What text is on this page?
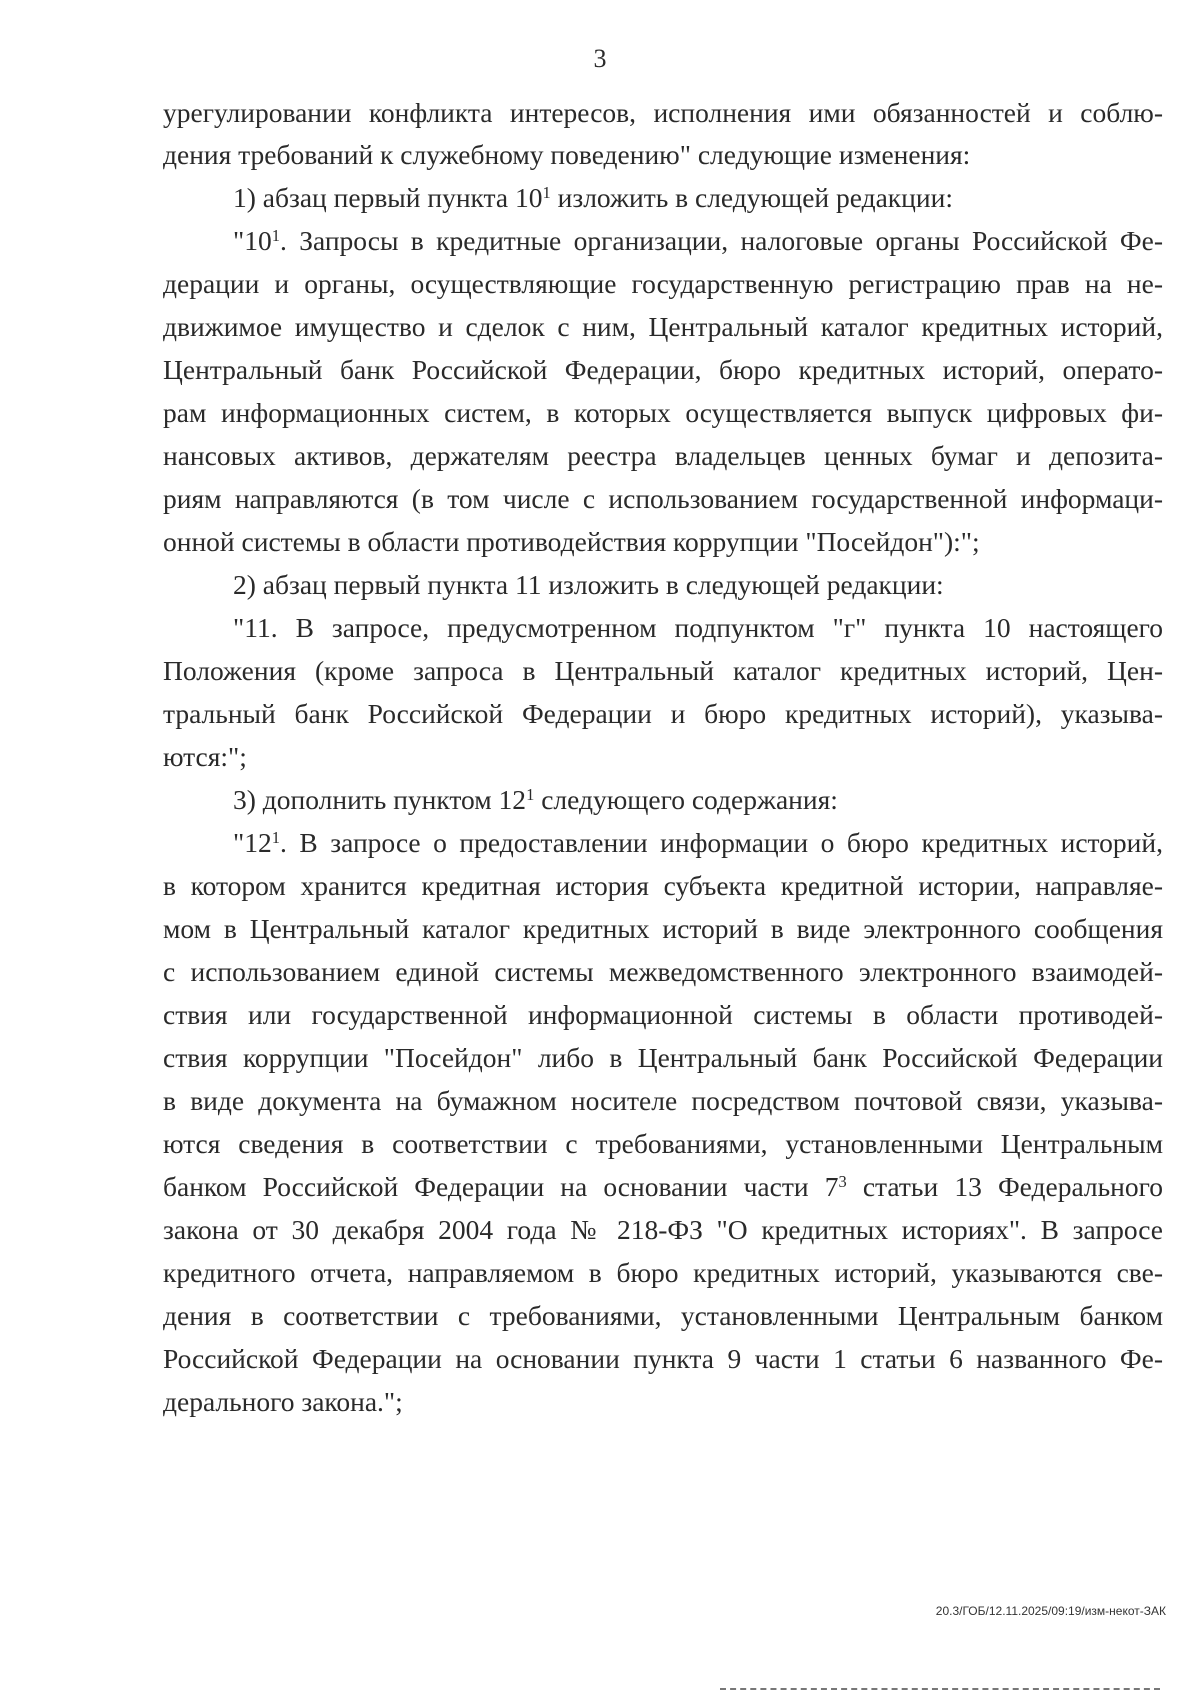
3
урегулировании конфликта интересов, исполнения ими обязанностей и соблю-
дения требований к служебному поведению" следующие изменения:
1) абзац первый пункта $10^1$ изложить в следующей редакции:
"$10^1$. Запросы в кредитные организации, налоговые органы Российской Фе-
дерации и органы, осуществляющие государственную регистрацию прав на не-
движимое имущество и сделок с ним, Центральный каталог кредитных историй,
Центральный банк Российской Федерации, бюро кредитных историй, операто-
рам информационных систем, в которых осуществляется выпуск цифровых фи-
нансовых активов, держателям реестра владельцев ценных бумаг и депозита-
риям направляются (в том числе с использованием государственной информаци-
онной системы в области противодействия коррупции "Посейдон"):";
2) абзац первый пункта 11 изложить в следующей редакции:
"11. В запросе, предусмотренном подпунктом "г" пункта 10 настоящего
Положения (кроме запроса в Центральный каталог кредитных историй, Цен-
тральный банк Российской Федерации и бюро кредитных историй), указыва-
ются:";
3) дополнить пунктом $12^1$ следующего содержания:
"$12^1$. В запросе о предоставлении информации о бюро кредитных историй,
в котором хранится кредитная история субъекта кредитной истории, направляе-
мом в Центральный каталог кредитных историй в виде электронного сообщения
с использованием единой системы межведомственного электронного взаимодей-
ствия или государственной информационной системы в области противодей-
ствия коррупции "Посейдон" либо в Центральный банк Российской Федерации
в виде документа на бумажном носителе посредством почтовой связи, указыва-
ются сведения в соответствии с требованиями, установленными Центральным
банком Российской Федерации на основании части $7^3$ статьи 13 Федерального
закона от 30 декабря 2004 года № 218-ФЗ "О кредитных историях". В запросе
кредитного отчета, направляемом в бюро кредитных историй, указываются све-
дения в соответствии с требованиями, установленными Центральным банком
Российской Федерации на основании пункта 9 части 1 статьи 6 названного Фе-
дерального закона.";
20.3/ГОБ/12.11.2025/09:19/изм-некот-ЗАК
